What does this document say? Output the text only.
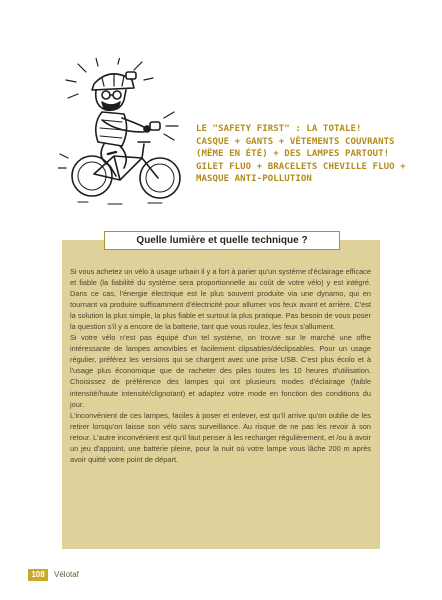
LE "SAFETY FIRST" : LA TOTALE!
CASQUE + GANTS + VÊTEMENTS COUVRANTS
(MÊME EN ÉTÉ) + DES LAMPES PARTOUT!
GILET FLUO + BRACELETS CHEVILLE FLUO +
MASQUE ANTI-POLLUTION
Quelle lumière et quelle technique ?

Si vous achetez un vélo à usage urbain il y a fort à parier qu'un système d'éclairage efficace et fiable (la fiabilité du système sera proportionnelle au coût de votre vélo) y est intégré. Dans ce cas, l'énergie électrique est le plus souvent produite via une dynamo, qui en tournant va produire suffisamment d'électricité pour allumer vos feux avant et arrière. C'est la solution la plus simple, la plus fiable et surtout la plus pratique. Pas besoin de vous poser la question s'il y a encore de la batterie, tant que vous roulez, les feux s'allument.

Si votre vélo n'est pas équipé d'un tel système, on trouve sur le marché une offre intéressante de lampes amovibles et facilement clipsables/déclipsables. Pour un usage régulier, préférez les versions qui se chargent avec une prise USB. C'est plus écolo et à l'usage plus économique que de racheter des piles toutes les 10 heures d'utilisation. Choisissez de préférence des lampes qui ont plusieurs modes d'éclairage (faible intensité/haute intensité/clignotant) et adaptez votre mode en fonction des conditions du jour.

L'inconvénient de ces lampes, faciles à poser et enlever, est qu'il arrive qu'on oublie de les retirer lorsqu'on laisse son vélo sans surveillance. Au risque de ne pas les revoir à son retour. L'autre inconvénient est qu'il faut penser à les recharger régulièrement, et /ou à avoir un jeu d'appoint, une batterie pleine, pour la nuit où votre lampe vous lâche 200 m après avoir quitté votre point de départ.

108	Vélotaf
